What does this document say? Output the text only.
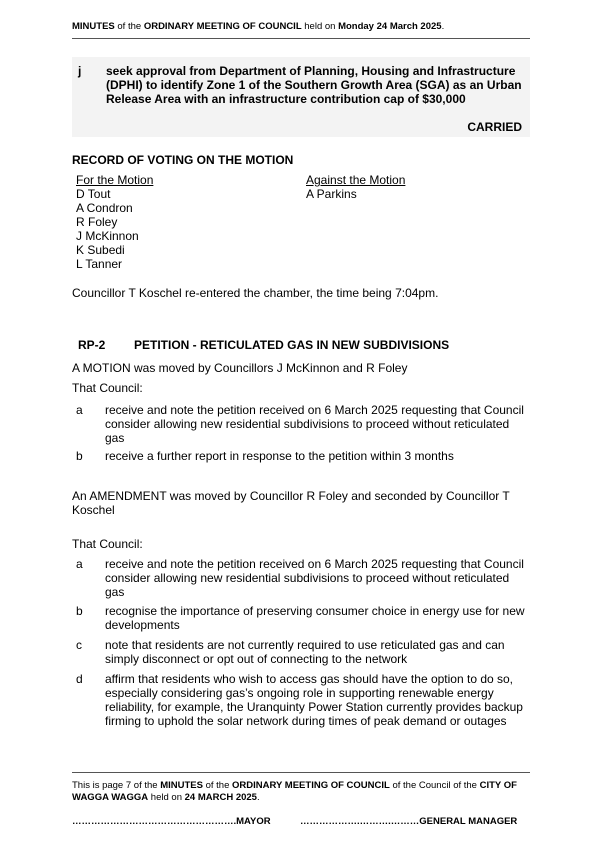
MINUTES of the ORDINARY MEETING OF COUNCIL held on Monday 24 March 2025.
j seek approval from Department of Planning, Housing and Infrastructure (DPHI) to identify Zone 1 of the Southern Growth Area (SGA) as an Urban Release Area with an infrastructure contribution cap of $30,000
CARRIED
RECORD OF VOTING ON THE MOTION
For the Motion
D Tout
A Condron
R Foley
J McKinnon
K Subedi
L Tanner
Against the Motion
A Parkins
Councillor T Koschel re-entered the chamber, the time being 7:04pm.
RP-2 PETITION - RETICULATED GAS IN NEW SUBDIVISIONS
A MOTION was moved by Councillors J McKinnon and R Foley
That Council:
a receive and note the petition received on 6 March 2025 requesting that Council consider allowing new residential subdivisions to proceed without reticulated gas
b receive a further report in response to the petition within 3 months
An AMENDMENT was moved by Councillor R Foley and seconded by Councillor T Koschel
That Council:
a receive and note the petition received on 6 March 2025 requesting that Council consider allowing new residential subdivisions to proceed without reticulated gas
b recognise the importance of preserving consumer choice in energy use for new developments
c note that residents are not currently required to use reticulated gas and can simply disconnect or opt out of connecting to the network
d affirm that residents who wish to access gas should have the option to do so, especially considering gas’s ongoing role in supporting renewable energy reliability, for example, the Uranquinty Power Station currently provides backup firming to uphold the solar network during times of peak demand or outages
This is page 7 of the MINUTES of the ORDINARY MEETING OF COUNCIL of the Council of the CITY OF WAGGA WAGGA held on 24 MARCH 2025.
…………………………………………….MAYOR	……………….……….………GENERAL MANAGER
